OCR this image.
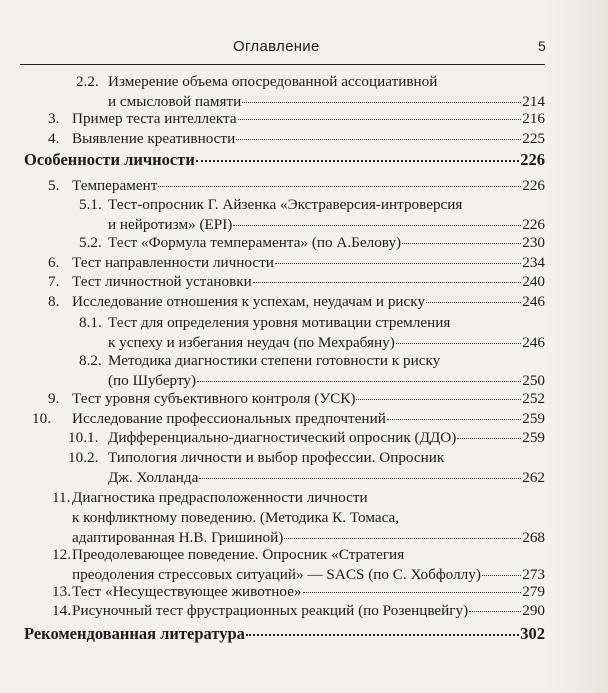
Оглавление	5
2.2. Измерение объема опосредованной ассоциативной
и смысловой памяти	214
3. Пример теста интеллекта	216
4. Выявление креативности	225
Особенности личности	226
5. Темперамент	226
5.1. Тест-опросник Г. Айзенка «Экстраверсия-интроверсия
и нейротизм» (EPI)	226
5.2. Тест «Формула темперамента» (по А.Белову)	230
6. Тест направленности личности	234
7. Тест личностной установки	240
8. Исследование отношения к успехам, неудачам и риску	246
8.1. Тест для определения уровня мотивации стремления
к успеху и избегания неудач (по Мехрабяну)	246
8.2. Методика диагностики степени готовности к риску
(по Шуберту)	250
9. Тест уровня субъективного контроля (УСК)	252
10. Исследование профессиональных предпочтений	259
10.1. Дифференциально-диагностический опросник (ДДО)	259
10.2. Типология личности и выбор профессии. Опросник
Дж. Холланда	262
11. Диагностика предрасположенности личности
к конфликтному поведению. (Методика К. Томаса,
адаптированная Н.В. Гришиной)	268
12. Преодолевающее поведение. Опросник «Стратегия
преодоления стрессовых ситуаций» — SACS (по С. Хобфоллу)	273
13. Тест «Несуществующее животное»	279
14. Рисуночный тест фрустрационных реакций (по Розенцвейгу)	290
Рекомендованная литература	302
